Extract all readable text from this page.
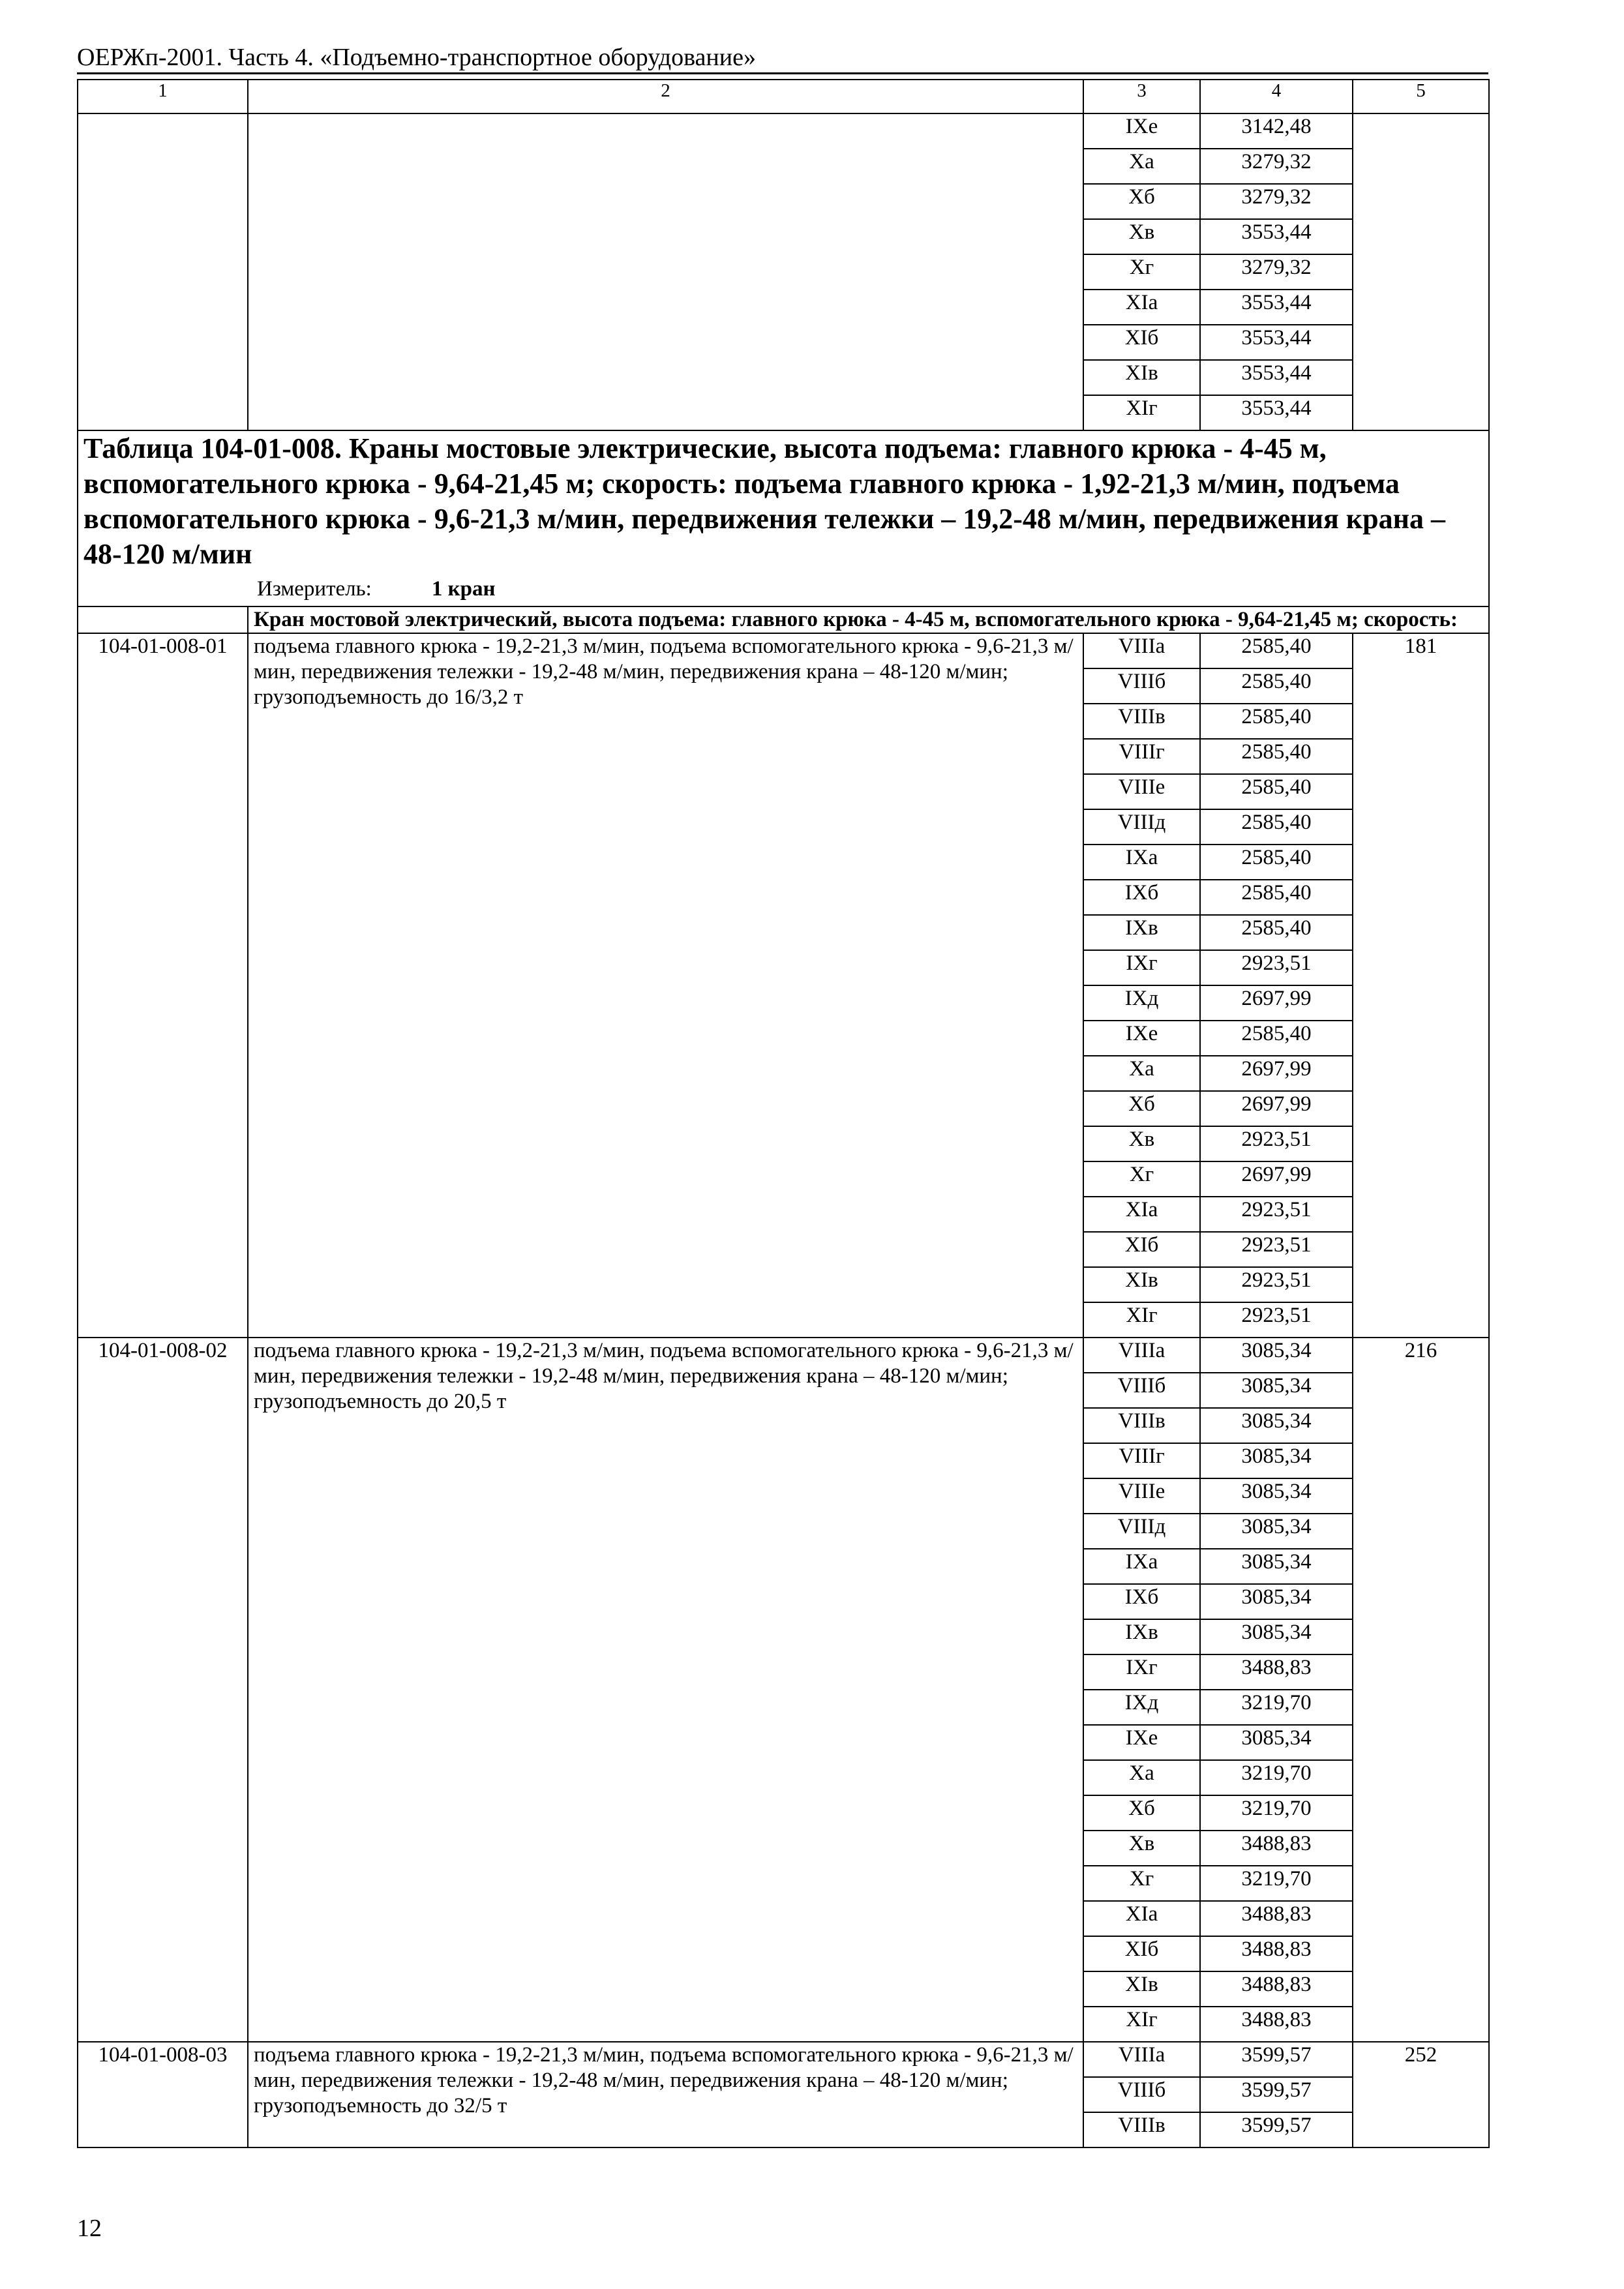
ОЕРЖп-2001. Часть 4. «Подъемно-транспортное оборудование»
1	2	3	4	5
		IXе	3142,48	
		Xа	3279,32	
		Xб	3279,32	
		Xв	3553,44	
		Xг	3279,32	
		XIа	3553,44	
		XIб	3553,44	
		XIв	3553,44	
		XIг	3553,44	
Таблица 104-01-008. Краны мостовые электрические, высота подъема: главного крюка - 4-45 м, вспомогательного крюка - 9,64-21,45 м; скорость: подъема главного крюка - 1,92-21,3 м/мин, подъема вспомогательного крюка - 9,6-21,3 м/мин, передвижения тележки – 19,2-48 м/мин, передвижения крана – 48-120 м/мин
Измеритель: 1 кран				

	Кран мостовой электрический, высота подъема: главного крюка - 4-45 м, вспомогательного крюка - 9,64-21,45 м; скорость:			
104-01-008-01	подъема главного крюка - 19,2-21,3 м/мин, подъема вспомогательного крюка - 9,6-21,3 м/мин, передвижения тележки - 19,2-48 м/мин, передвижения крана – 48-120 м/мин; грузоподъемность до 16/3,2 т	VIIIа	2585,40	181
		VIIIб	2585,40	
		VIIIв	2585,40	
		VIIIг	2585,40	
		VIIIе	2585,40	
		VIIIд	2585,40	
		IXа	2585,40	
		IXб	2585,40	
		IXв	2585,40	
		IXг	2923,51	
		IXд	2697,99	
		IXе	2585,40	
		Xа	2697,99	
		Xб	2697,99	
		Xв	2923,51	
		Xг	2697,99	
		XIа	2923,51	
		XIб	2923,51	
		XIв	2923,51	
		XIг	2923,51	
104-01-008-02	подъема главного крюка - 19,2-21,3 м/мин, подъема вспомогательного крюка - 9,6-21,3 м/мин, передвижения тележки - 19,2-48 м/мин, передвижения крана – 48-120 м/мин; грузоподъемность до 20,5 т	VIIIа	3085,34	216
		VIIIб	3085,34	
		VIIIв	3085,34	
		VIIIг	3085,34	
		VIIIе	3085,34	
		VIIIд	3085,34	
		IXа	3085,34	
		IXб	3085,34	
		IXв	3085,34	
		IXг	3488,83	
		IXд	3219,70	
		IXе	3085,34	
		Xа	3219,70	
		Xб	3219,70	
		Xв	3488,83	
		Xг	3219,70	
		XIа	3488,83	
		XIб	3488,83	
		XIв	3488,83	
		XIг	3488,83	
104-01-008-03	подъема главного крюка - 19,2-21,3 м/мин, подъема вспомогательного крюка - 9,6-21,3 м/мин, передвижения тележки - 19,2-48 м/мин, передвижения крана – 48-120 м/мин; грузоподъемность до 32/5 т	VIIIа	3599,57	252
		VIIIб	3599,57	
		VIIIв	3599,57	
12
